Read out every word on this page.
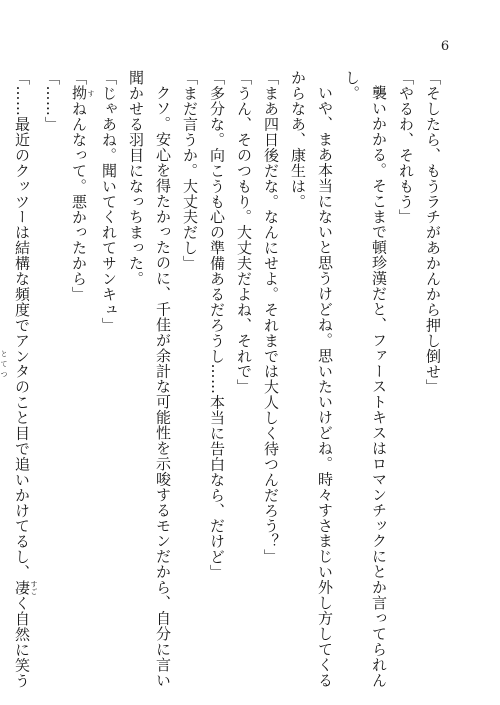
6

「そしたら、もうラチがあかんから押し倒せ」

「やるわ、それもう」

襲いかかる。そこまで頓珍漢だと、ファーストキスはロマンチックにとか言ってられん

し。

いや、まあ本当にないと思うけどね。思いたいけどね。時々すさまじい外し方してくる

からなあ、康生は。

「まあ四日後だな。なんにせよ。それまでは大人しく待つんだろう？」

「うん、そのつもり。大丈夫だよね、それで」

「多分な。向こうも心の準備あるだろうし……本当に告白なら、だけど」

「まだ言うか。大丈夫だし」

クソ。安心を得たかったのに、千佳が余計な可能性を示唆するモンだから、自分に言い

聞かせる羽目になっちまった。

「じゃあね。聞いてくれてサンキュ」

「拗 すねんなって。悪かったから」

「……」

「……最近のクッツーは結構な頻度でアンタのこと目で追いかけてるし、凄 すごく自然に笑う

とてつ
